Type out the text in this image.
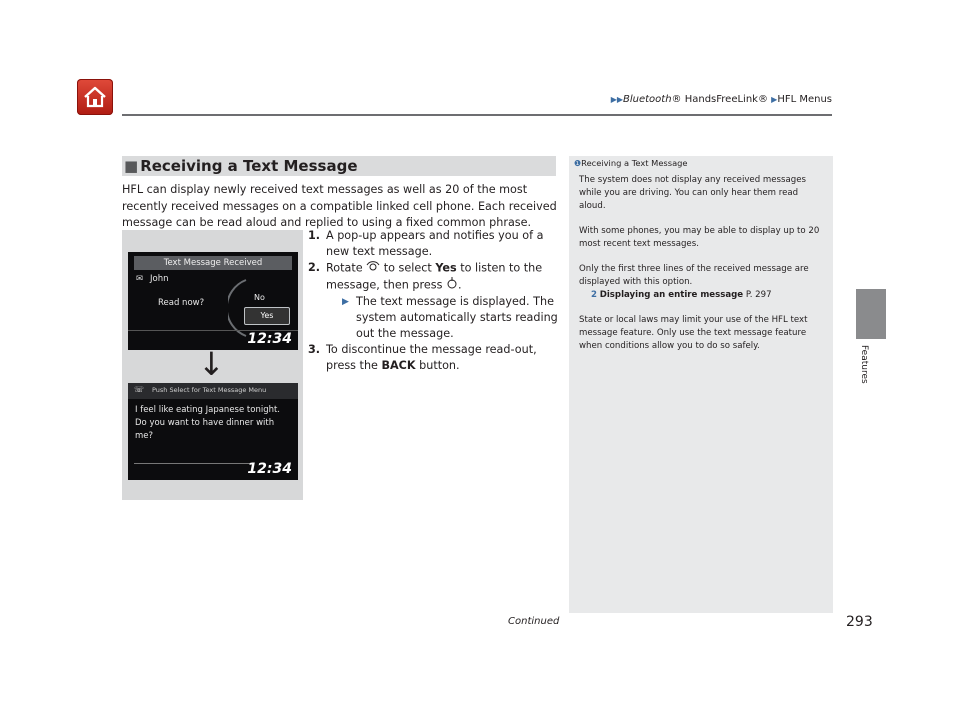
▶▶Bluetooth® HandsFreeLink® ▶HFL Menus
Features
■ Receiving a Text Message
HFL can display newly received text messages as well as 20 of the most recently received messages on a compatible linked cell phone. Each received message can be read aloud and replied to using a fixed common phrase.
1. A pop-up appears and notifies you of a new text message.
2. Rotate to select Yes to listen to the message, then press .
▶ The text message is displayed. The system automatically starts reading out the message.
3. To discontinue the message read-out, press the BACK button.
Text Message Received
✉ John
Read now?
No
Yes
12:34
☏ Push Select for Text Message Menu
I feel like eating Japanese tonight.
Do you want to have dinner with
me?
12:34
↓
❶Receiving a Text Message

The system does not display any received messages while you are driving. You can only hear them read aloud.

With some phones, you may be able to display up to 20 most recent text messages.

Only the first three lines of the received message are displayed with this option.
2 Displaying an entire message P. 297

State or local laws may limit your use of the HFL text message feature. Only use the text message feature when conditions allow you to do so safely.

Continued	293
